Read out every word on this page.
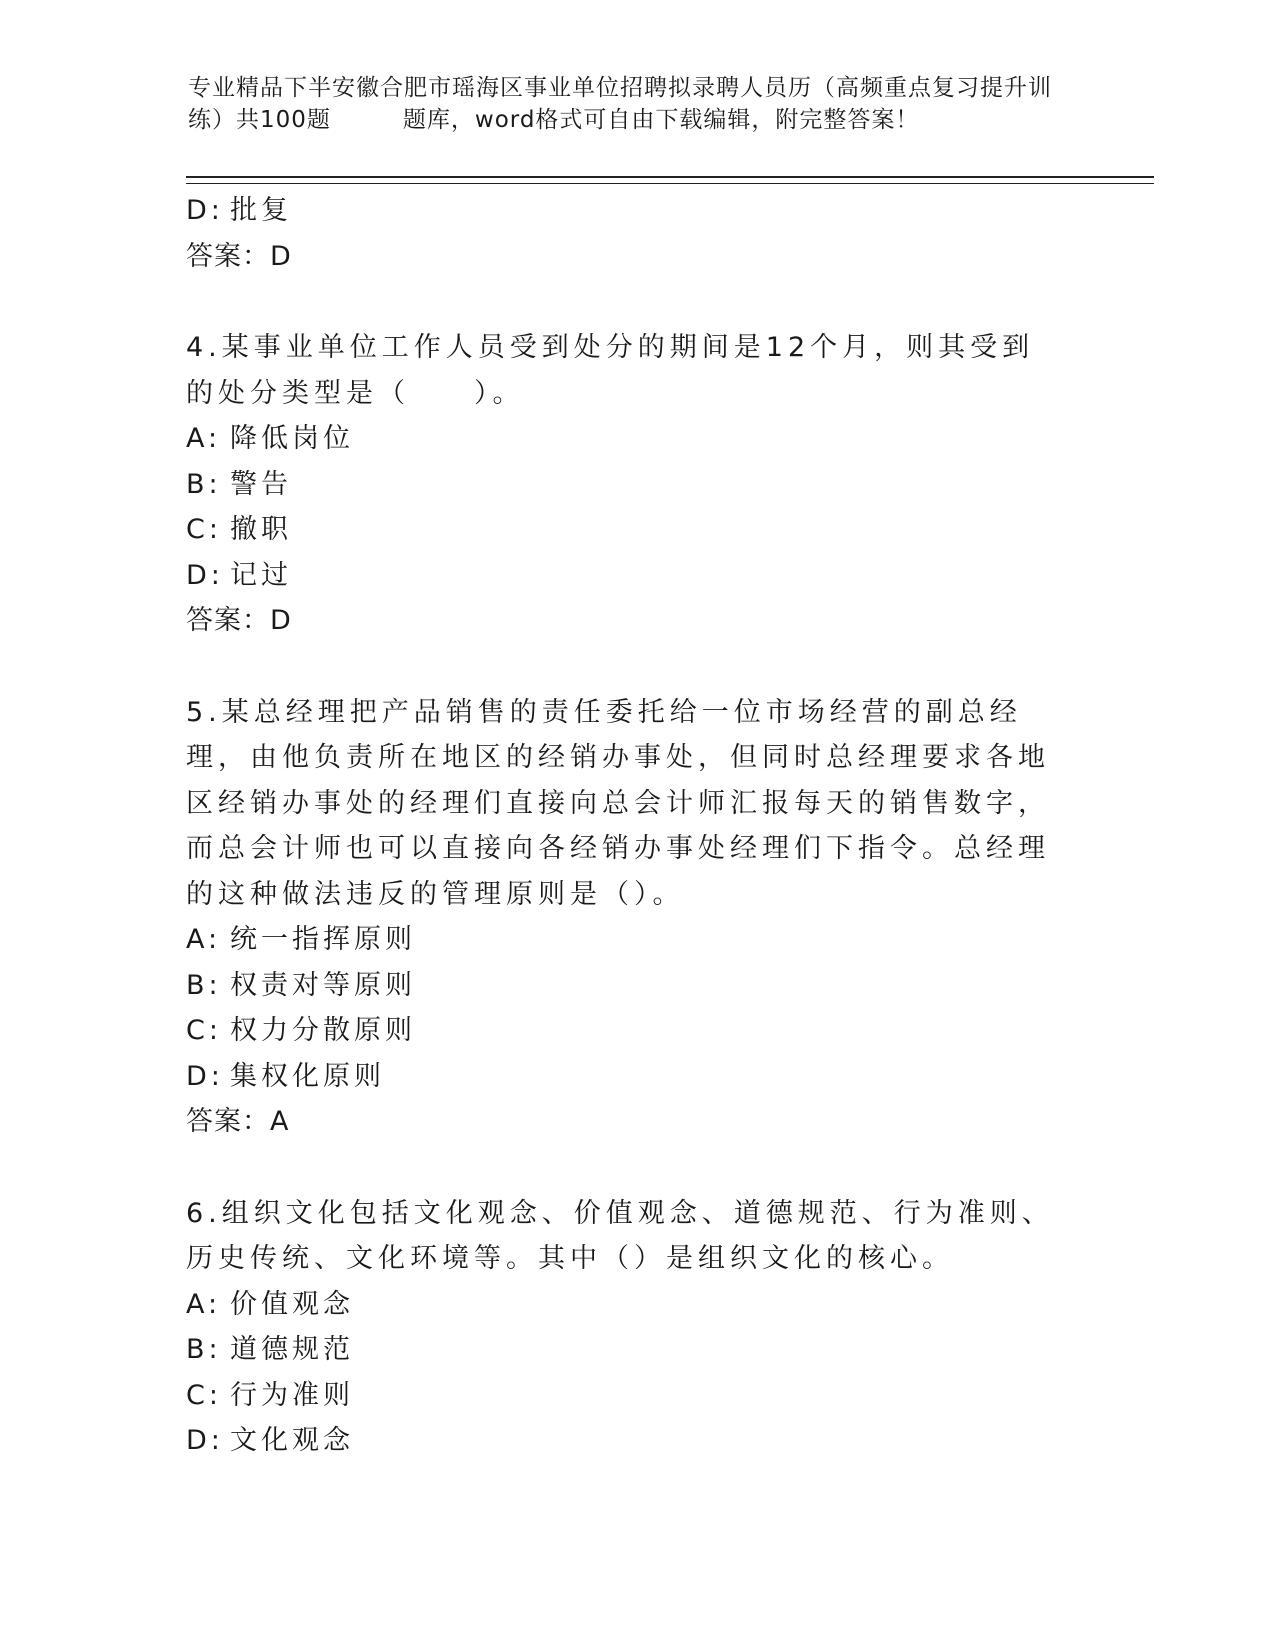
专业精品下半安徽合肥市瑶海区事业单位招聘拟录聘人员历（高频重点复习提升训练）共100题　　　题库，word格式可自由下载编辑，附完整答案！
D: 批复
答案：D
4.某事业单位工作人员受到处分的期间是12个月，则其受到的处分类型是（　　）。
A: 降低岗位
B: 警告
C: 撤职
D: 记过
答案：D
5.某总经理把产品销售的责任委托给一位市场经营的副总经理，由他负责所在地区的经销办事处，但同时总经理要求各地区经销办事处的经理们直接向总会计师汇报每天的销售数字，而总会计师也可以直接向各经销办事处经理们下指令。总经理的这种做法违反的管理原则是（）。
A: 统一指挥原则
B: 权责对等原则
C: 权力分散原则
D: 集权化原则
答案：A
6.组织文化包括文化观念、价值观念、道德规范、行为准则、历史传统、文化环境等。其中（）是组织文化的核心。
A: 价值观念
B: 道德规范
C: 行为准则
D: 文化观念
